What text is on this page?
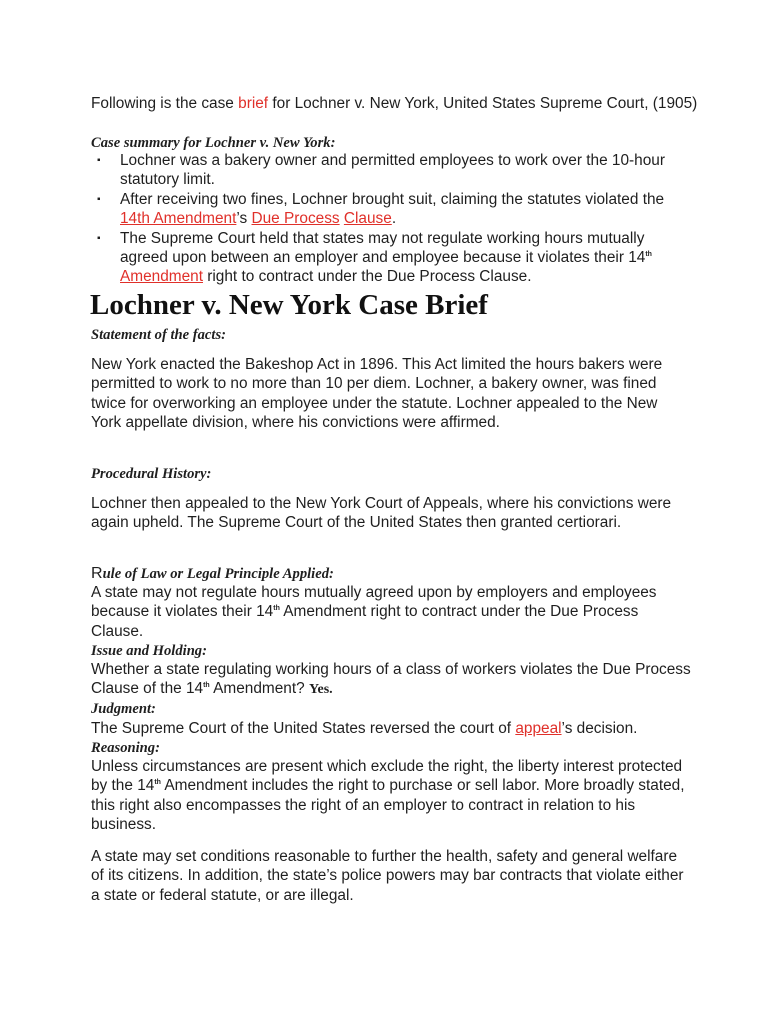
Following is the case brief for Lochner v. New York, United States Supreme Court, (1905)
Case summary for Lochner v. New York:
▪ Lochner was a bakery owner and permitted employees to work over the 10-hour statutory limit.
▪ After receiving two fines, Lochner brought suit, claiming the statutes violated the 14th Amendment’s Due Process Clause.
▪ The Supreme Court held that states may not regulate working hours mutually agreed upon between an employer and employee because it violates their 14th Amendment right to contract under the Due Process Clause.
Lochner v. New York Case Brief
Statement of the facts:
New York enacted the Bakeshop Act in 1896. This Act limited the hours bakers were permitted to work to no more than 10 per diem. Lochner, a bakery owner, was fined twice for overworking an employee under the statute. Lochner appealed to the New York appellate division, where his convictions were affirmed.
Procedural History:
Lochner then appealed to the New York Court of Appeals, where his convictions were again upheld. The Supreme Court of the United States then granted certiorari.
Rule of Law or Legal Principle Applied:
A state may not regulate hours mutually agreed upon by employers and employees because it violates their 14th Amendment right to contract under the Due Process Clause.
Issue and Holding:
Whether a state regulating working hours of a class of workers violates the Due Process Clause of the 14th Amendment? Yes.
Judgment:
The Supreme Court of the United States reversed the court of appeal’s decision.
Reasoning:
Unless circumstances are present which exclude the right, the liberty interest protected by the 14th Amendment includes the right to purchase or sell labor. More broadly stated, this right also encompasses the right of an employer to contract in relation to his business.
A state may set conditions reasonable to further the health, safety and general welfare of its citizens. In addition, the state’s police powers may bar contracts that violate either a state or federal statute, or are illegal.
